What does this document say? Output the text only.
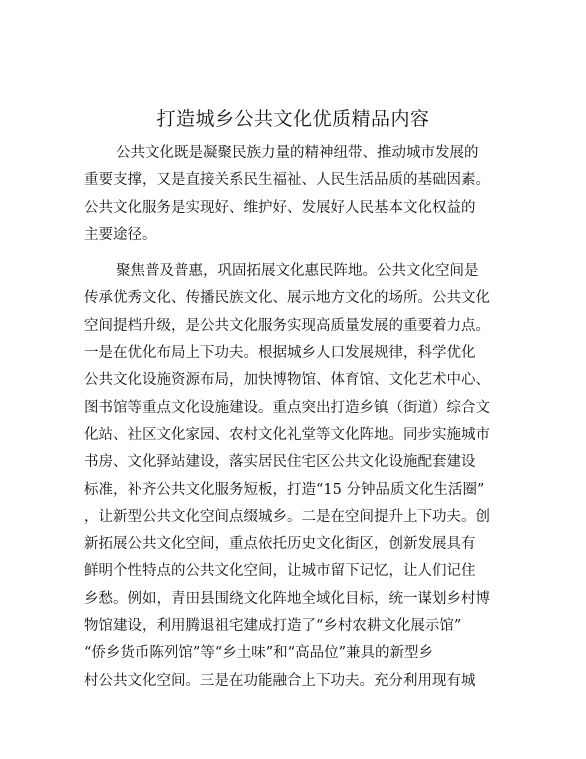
打造城乡公共文化优质精品内容
公共文化既是凝聚民族力量的精神纽带、推动城市发展的
重要支撑，又是直接关系民生福祉、人民生活品质的基础因素。
公共文化服务是实现好、维护好、发展好人民基本文化权益的
主要途径。
聚焦普及普惠，巩固拓展文化惠民阵地。公共文化空间是
传承优秀文化、传播民族文化、展示地方文化的场所。公共文化
空间提档升级，是公共文化服务实现高质量发展的重要着力点。
一是在优化布局上下功夫。根据城乡人口发展规律，科学优化
公共文化设施资源布局，加快博物馆、体育馆、文化艺术中心、
图书馆等重点文化设施建设。重点突出打造乡镇（街道）综合文
化站、社区文化家园、农村文化礼堂等文化阵地。同步实施城市
书房、文化驿站建设，落实居民住宅区公共文化设施配套建设
标准，补齐公共文化服务短板，打造“15 分钟品质文化生活圈”
，让新型公共文化空间点缀城乡。二是在空间提升上下功夫。创
新拓展公共文化空间，重点依托历史文化街区，创新发展具有
鲜明个性特点的公共文化空间，让城市留下记忆，让人们记住
乡愁。例如，青田县围绕文化阵地全域化目标，统一谋划乡村博
物馆建设，利用腾退祖宅建成打造了“乡村农耕文化展示馆”
“侨乡货币陈列馆”等“乡土味”和“高品位”兼具的新型乡
村公共文化空间。三是在功能融合上下功夫。充分利用现有城
